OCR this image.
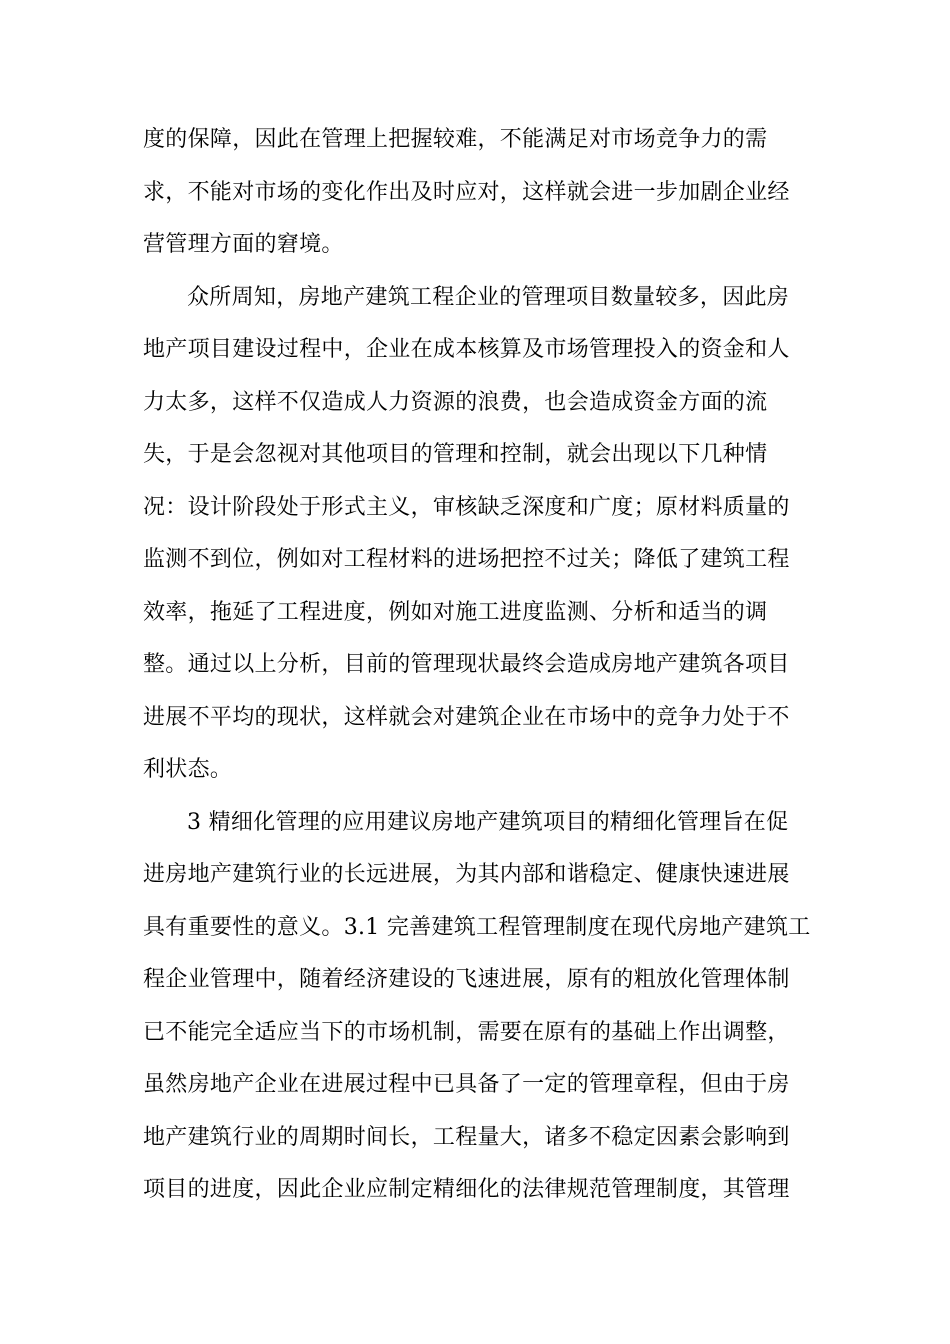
度的保障，因此在管理上把握较难，不能满足对市场竞争力的需
求，不能对市场的变化作出及时应对，这样就会进一步加剧企业经
营管理方面的窘境。
众所周知，房地产建筑工程企业的管理项目数量较多，因此房
地产项目建设过程中，企业在成本核算及市场管理投入的资金和人
力太多，这样不仅造成人力资源的浪费，也会造成资金方面的流
失，于是会忽视对其他项目的管理和控制，就会出现以下几种情
况：设计阶段处于形式主义，审核缺乏深度和广度；原材料质量的
监测不到位，例如对工程材料的进场把控不过关；降低了建筑工程
效率，拖延了工程进度，例如对施工进度监测、分析和适当的调
整。通过以上分析，目前的管理现状最终会造成房地产建筑各项目
进展不平均的现状，这样就会对建筑企业在市场中的竞争力处于不
利状态。
3 精细化管理的应用建议房地产建筑项目的精细化管理旨在促
进房地产建筑行业的长远进展，为其内部和谐稳定、健康快速进展
具有重要性的意义。3.1 完善建筑工程管理制度在现代房地产建筑工
程企业管理中，随着经济建设的飞速进展，原有的粗放化管理体制
已不能完全适应当下的市场机制，需要在原有的基础上作出调整，
虽然房地产企业在进展过程中已具备了一定的管理章程，但由于房
地产建筑行业的周期时间长，工程量大，诸多不稳定因素会影响到
项目的进度，因此企业应制定精细化的法律规范管理制度，其管理
